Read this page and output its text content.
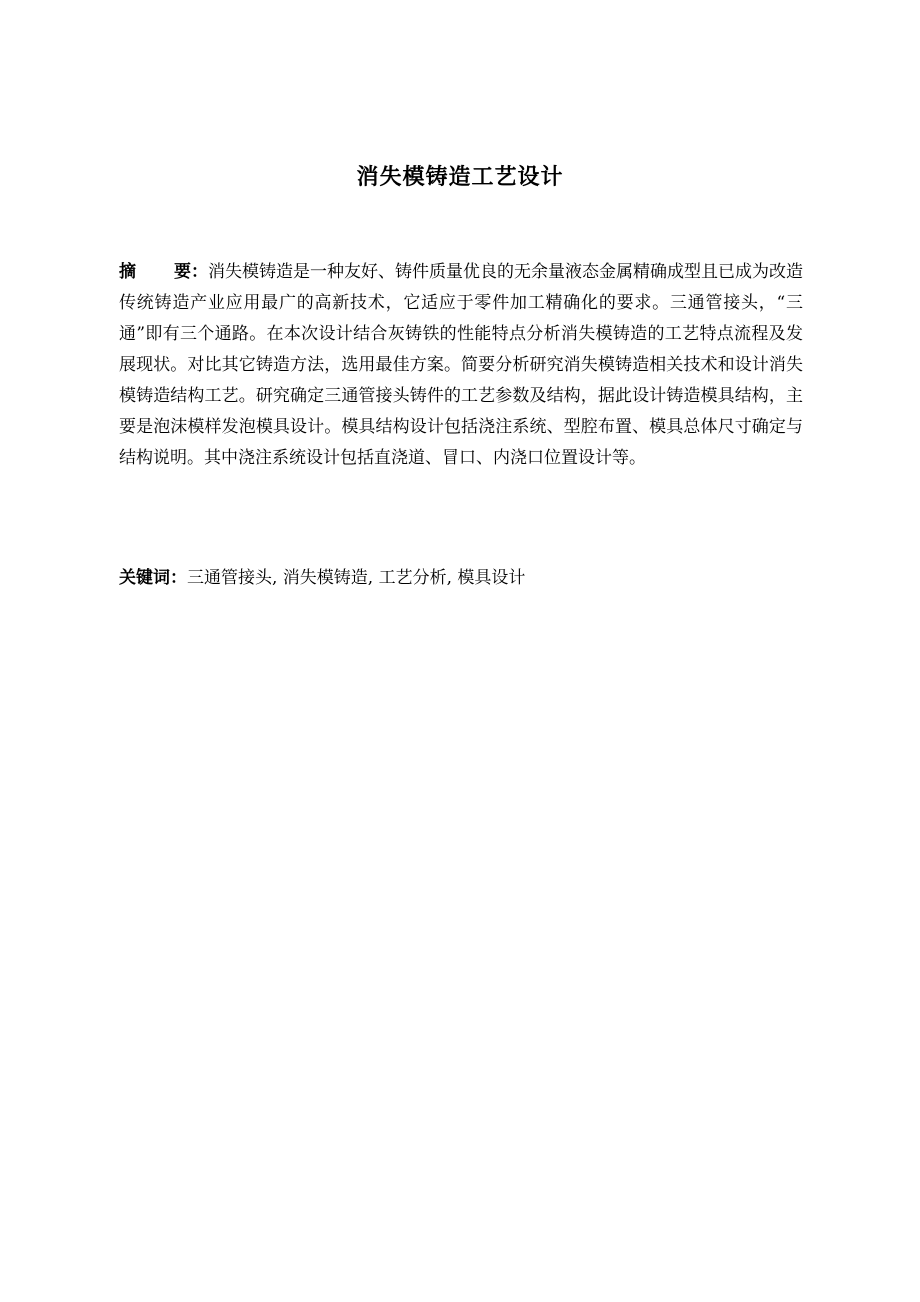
消失模铸造工艺设计
摘 要：消失模铸造是一种友好、铸件质量优良的无余量液态金属精确成型且已成为改造传统铸造产业应用最广的高新技术，它适应于零件加工精确化的要求。三通管接头，“三通”即有三个通路。在本次设计结合灰铸铁的性能特点分析消失模铸造的工艺特点流程及发展现状。对比其它铸造方法，选用最佳方案。简要分析研究消失模铸造相关技术和设计消失模铸造结构工艺。研究确定三通管接头铸件的工艺参数及结构，据此设计铸造模具结构，主要是泡沫模样发泡模具设计。模具结构设计包括浇注系统、型腔布置、模具总体尺寸确定与结构说明。其中浇注系统设计包括直浇道、冒口、内浇口位置设计等。
关键词：三通管接头, 消失模铸造, 工艺分析, 模具设计
